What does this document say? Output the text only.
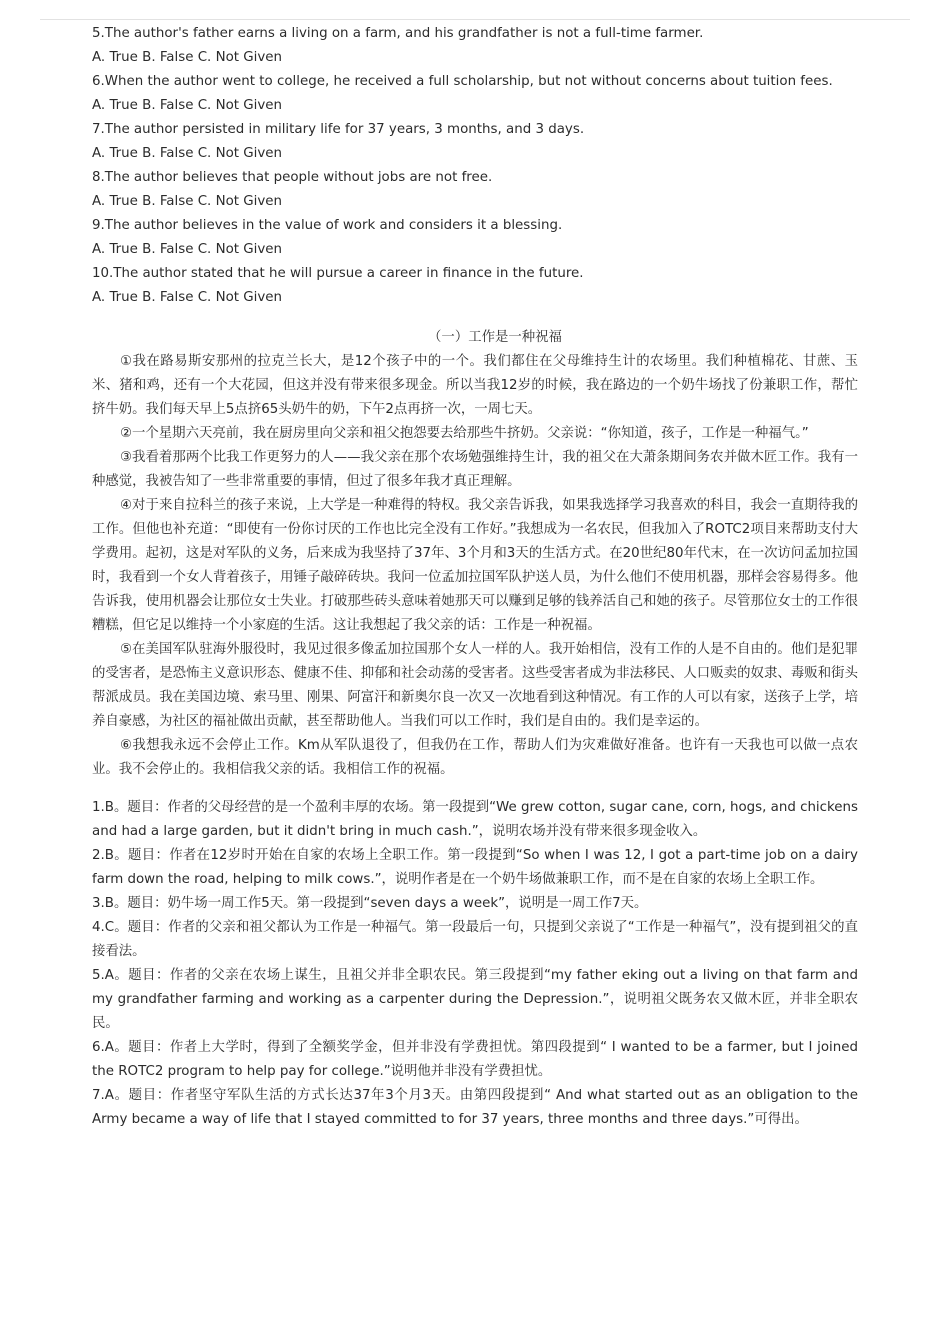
5.The author's father earns a living on a farm, and his grandfather is not a full-time farmer.
A. True B. False C. Not Given
6.When the author went to college, he received a full scholarship, but not without concerns about tuition fees.
A. True B. False C. Not Given
7.The author persisted in military life for 37 years, 3 months, and 3 days.
A. True B. False C. Not Given
8.The author believes that people without jobs are not free.
A. True B. False C. Not Given
9.The author believes in the value of work and considers it a blessing.
A. True B. False C. Not Given
10.The author stated that he will pursue a career in finance in the future.
A. True B. False C. Not Given
（一）工作是一种祝福
①我在路易斯安那州的拉克兰长大，是12个孩子中的一个。我们都住在父母维持生计的农场里。我们种植棉花、甘蔗、玉米、猪和鸡，还有一个大花园，但这并没有带来很多现金。所以当我12岁的时候，我在路边的一个奶牛场找了份兼职工作，帮忙挤牛奶。我们每天早上5点挤65头奶牛的奶，下午2点再挤一次，一周七天。
②一个星期六天亮前，我在厨房里向父亲和祖父抱怨要去给那些牛挤奶。父亲说：“你知道，孩子，工作是一种福气。”
③我看着那两个比我工作更努力的人——我父亲在那个农场勉强维持生计，我的祖父在大萧条期间务农并做木匠工作。我有一种感觉，我被告知了一些非常重要的事情，但过了很多年我才真正理解。
④对于来自拉科兰的孩子来说，上大学是一种难得的特权。我父亲告诉我，如果我选择学习我喜欢的科目，我会一直期待我的工作。但他也补充道：“即使有一份你讨厌的工作也比完全没有工作好。”我想成为一名农民，但我加入了ROTC2项目来帮助支付大学费用。起初，这是对军队的义务，后来成为我坚持了37年、3个月和3天的生活方式。在20世纪80年代末，在一次访问孟加拉国时，我看到一个女人背着孩子，用锤子敲碎砖块。我问一位孟加拉国军队护送人员，为什么他们不使用机器，那样会容易得多。他告诉我，使用机器会让那位女士失业。打破那些砖头意味着她那天可以赚到足够的钱养活自己和她的孩子。尽管那位女士的工作很糟糕，但它足以维持一个小家庭的生活。这让我想起了我父亲的话：工作是一种祝福。
⑤在美国军队驻海外服役时，我见过很多像孟加拉国那个女人一样的人。我开始相信，没有工作的人是不自由的。他们是犯罪的受害者，是恐怖主义意识形态、健康不佳、抑郁和社会动荡的受害者。这些受害者成为非法移民、人口贩卖的奴隶、毒贩和街头帮派成员。我在美国边境、索马里、刚果、阿富汗和新奥尔良一次又一次地看到这种情况。有工作的人可以有家，送孩子上学，培养自豪感，为社区的福祉做出贡献，甚至帮助他人。当我们可以工作时，我们是自由的。我们是幸运的。
⑥我想我永远不会停止工作。Km从军队退役了，但我仍在工作，帮助人们为灾难做好准备。也许有一天我也可以做一点农业。我不会停止的。我相信我父亲的话。我相信工作的祝福。
1.B。题目：作者的父母经营的是一个盈利丰厚的农场。第一段提到“We grew cotton, sugar cane, corn, hogs, and chickens and had a large garden, but it didn't bring in much cash.”，说明农场并没有带来很多现金收入。
2.B。题目：作者在12岁时开始在自家的农场上全职工作。第一段提到“So when I was 12, I got a part-time job on a dairy farm down the road, helping to milk cows.”，说明作者是在一个奶牛场做兼职工作，而不是在自家的农场上全职工作。
3.B。题目：奶牛场一周工作5天。第一段提到“seven days a week”，说明是一周工作7天。
4.C。题目：作者的父亲和祖父都认为工作是一种福气。第一段最后一句，只提到父亲说了“工作是一种福气”，没有提到祖父的直接看法。
5.A。题目：作者的父亲在农场上谋生，且祖父并非全职农民。第三段提到“my father eking out a living on that farm and my grandfather farming and working as a carpenter during the Depression.”，说明祖父既务农又做木匠，并非全职农民。
6.A。题目：作者上大学时，得到了全额奖学金，但并非没有学费担忧。第四段提到“ I wanted to be a farmer, but I joined the ROTC2 program to help pay for college.”说明他并非没有学费担忧。
7.A。题目：作者坚守军队生活的方式长达37年3个月3天。由第四段提到“ And what started out as an obligation to the Army became a way of life that I stayed committed to for 37 years, three months and three days.”可得出。
